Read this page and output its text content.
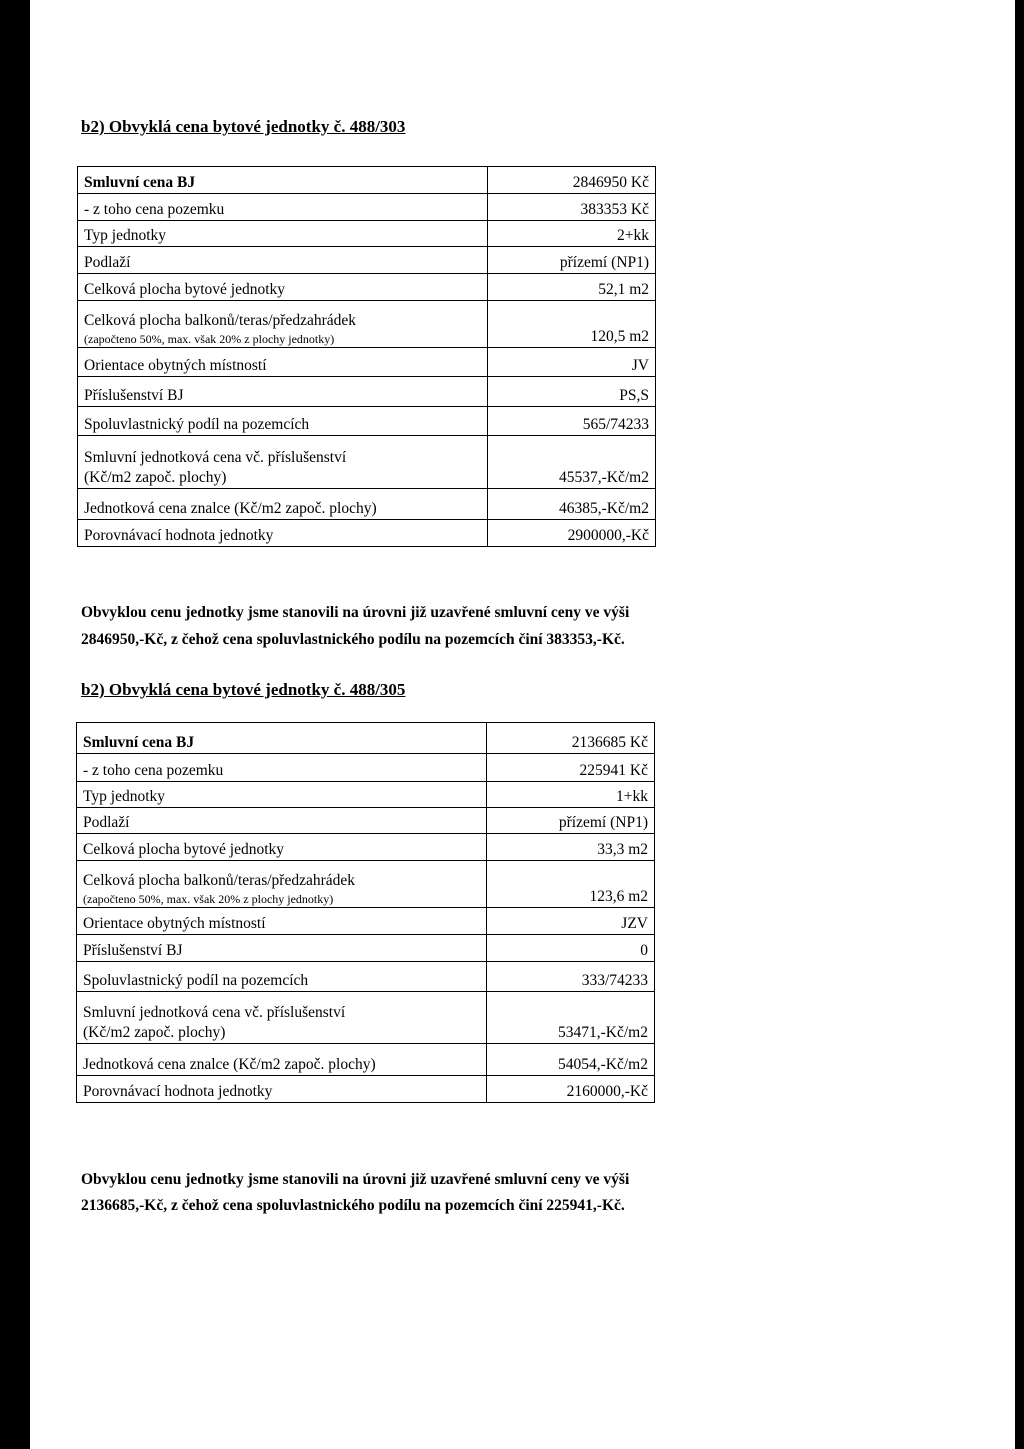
b2) Obvyklá cena bytové jednotky č. 488/303
Smluvní cena BJ	2846950 Kč
- z toho cena pozemku	383353 Kč
Typ jednotky	2+kk
Podlaží	přízemí (NP1)
Celková plocha bytové jednotky	52,1 m2

Celková plocha balkonů/teras/předzahrádek
(započteno 50%, max. však 20% z plochy jednotky)	120,5 m2
Orientace obytných místností	JV
Příslušenství BJ	PS,S
Spoluvlastnický podíl na pozemcích	565/74233

Smluvní jednotková cena vč. příslušenství
(Kč/m2 započ. plochy)	45537,-Kč/m2
Jednotková cena znalce (Kč/m2 započ. plochy)	46385,-Kč/m2
Porovnávací hodnota jednotky	2900000,-Kč
Obvyklou cenu jednotky jsme stanovili na úrovni již uzavřené smluvní ceny ve výši
2846950,-Kč, z čehož cena spoluvlastnického podílu na pozemcích činí 383353,-Kč.
b2) Obvyklá cena bytové jednotky č. 488/305
Smluvní cena BJ	2136685 Kč
- z toho cena pozemku	225941 Kč
Typ jednotky	1+kk
Podlaží	přízemí (NP1)
Celková plocha bytové jednotky	33,3 m2

Celková plocha balkonů/teras/předzahrádek
(započteno 50%, max. však 20% z plochy jednotky)	123,6 m2
Orientace obytných místností	JZV
Příslušenství BJ	0
Spoluvlastnický podíl na pozemcích	333/74233

Smluvní jednotková cena vč. příslušenství
(Kč/m2 započ. plochy)	53471,-Kč/m2
Jednotková cena znalce (Kč/m2 započ. plochy)	54054,-Kč/m2
Porovnávací hodnota jednotky	2160000,-Kč
Obvyklou cenu jednotky jsme stanovili na úrovni již uzavřené smluvní ceny ve výši
2136685,-Kč, z čehož cena spoluvlastnického podílu na pozemcích činí 225941,-Kč.
